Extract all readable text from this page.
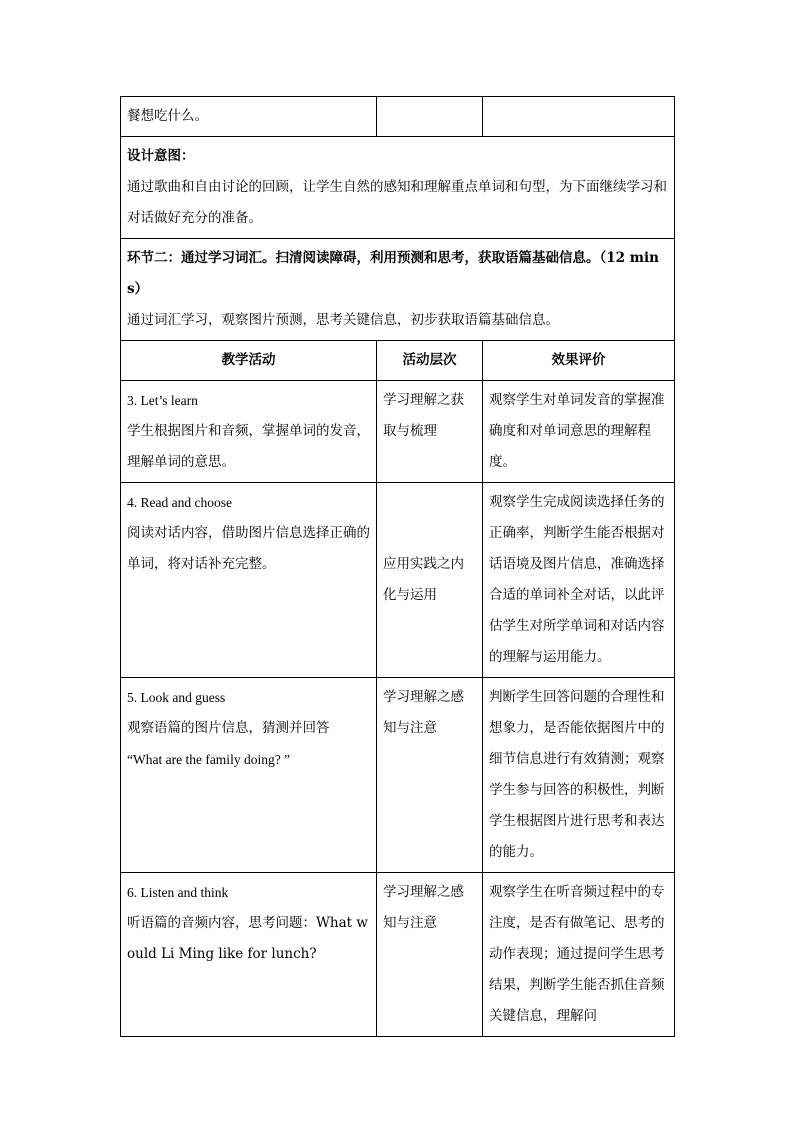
餐想吃什么。		

设计意图：
通过歌曲和自由讨论的回顾，让学生自然的感知和理解重点单词和句型，为下面继续学习和对话做好充分的准备。		

环节二：通过学习词汇。扫清阅读障碍，利用预测和思考，获取语篇基础信息。（12 mins）
通过词汇学习，观察图片预测，思考关键信息，初步获取语篇基础信息。		

教学活动	活动层次	效果评价

3. Let’s learn
学生根据图片和音频，掌握单词的发音，理解单词的意思。	学习理解之获取与梳理	观察学生对单词发音的掌握准确度和对单词意思的理解程度。

4. Read and choose
阅读对话内容，借助图片信息选择正确的单词，将对话补充完整。	应用实践之内化与运用	观察学生完成阅读选择任务的正确率，判断学生能否根据对话语境及图片信息，准确选择合适的单词补全对话，以此评估学生对所学单词和对话内容的理解与运用能力。

5. Look and guess
观察语篇的图片信息，猜测并回答
“What are the family doing? ”	学习理解之感知与注意	判断学生回答问题的合理性和想象力，是否能依据图片中的细节信息进行有效猜测；观察学生参与回答的积极性，判断学生根据图片进行思考和表达的能力。

6. Listen and think
听语篇的音频内容，思考问题：What would Li Ming like for lunch?	学习理解之感知与注意	观察学生在听音频过程中的专注度，是否有做笔记、思考的动作表现；通过提问学生思考结果，判断学生能否抓住音频关键信息，理解问
